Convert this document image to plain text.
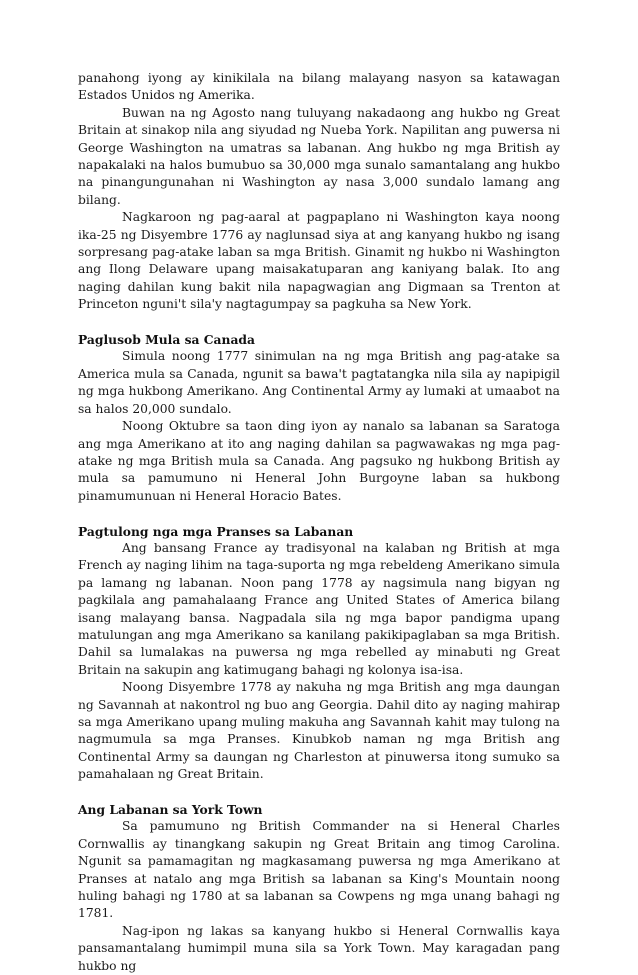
panahong iyong ay kinikilala na bilang malayang nasyon sa katawagan Estados Unidos ng Amerika.

Buwan na ng Agosto nang tuluyang nakadaong ang hukbo ng Great Britain at sinakop nila ang siyudad ng Nueba York. Napilitan ang puwersa ni George Washington na umatras sa labanan. Ang hukbo ng mga British ay napakalaki na halos bumubuo sa 30,000 mga sunalo samantalang ang hukbo na pinangungunahan ni Washington ay nasa 3,000 sundalo lamang ang bilang.

Nagkaroon ng pag-aaral at pagpaplano ni Washington kaya noong ika-25 ng Disyembre 1776 ay naglunsad siya at ang kanyang hukbo ng isang sorpresang pag-atake laban sa mga British. Ginamit ng hukbo ni Washington ang Ilong Delaware upang maisakatuparan ang kaniyang balak. Ito ang naging dahilan kung bakit nila napagwagian ang Digmaan sa Trenton at Princeton nguni't sila'y nagtagumpay sa pagkuha sa New York.

Paglusob Mula sa Canada

Simula noong 1777 sinimulan na ng mga British ang pag-atake sa America mula sa Canada, ngunit sa bawa't pagtatangka nila sila ay napipigil ng mga hukbong Amerikano. Ang Continental Army ay lumaki at umaabot na sa halos 20,000 sundalo.

Noong Oktubre sa taon ding iyon ay nanalo sa labanan sa Saratoga ang mga Amerikano at ito ang naging dahilan sa pagwawakas ng mga pag-atake ng mga British mula sa Canada. Ang pagsuko ng hukbong British ay mula sa pamumuno ni Heneral John Burgoyne laban sa hukbong pinamumunuan ni Heneral Horacio Bates.

Pagtulong nga mga Pranses sa Labanan

Ang bansang France ay tradisyonal na kalaban ng British at mga French ay naging lihim na taga-suporta ng mga rebeldeng Amerikano simula pa lamang ng labanan. Noon pang 1778 ay nagsimula nang bigyan ng pagkilala ang pamahalaang France ang United States of America bilang isang malayang bansa. Nagpadala sila ng mga bapor pandigma upang matulungan ang mga Amerikano sa kanilang pakikipaglaban sa mga British. Dahil sa lumalakas na puwersa ng mga rebelled ay minabuti ng Great Britain na sakupin ang katimugang bahagi ng kolonya isa-isa.

Noong Disyembre 1778 ay nakuha ng mga British ang mga daungan ng Savannah at nakontrol ng buo ang Georgia. Dahil dito ay naging mahirap sa mga Amerikano upang muling makuha ang Savannah kahit may tulong na nagmumula sa mga Pranses. Kinubkob naman ng mga British ang Continental Army sa daungan ng Charleston at pinuwersa itong sumuko sa pamahalaan ng Great Britain.

Ang Labanan sa York Town

Sa pamumuno ng British Commander na si Heneral Charles Cornwallis ay tinangkang sakupin ng Great Britain ang timog Carolina. Ngunit sa pamamagitan ng magkasamang puwersa ng mga Amerikano at Pranses at natalo ang mga British sa labanan sa King's Mountain noong huling bahagi ng 1780 at sa labanan sa Cowpens ng mga unang bahagi ng 1781.

Nag-ipon ng lakas sa kanyang hukbo si Heneral Cornwallis kaya pansamantalang humimpil muna sila sa York Town. May karagadan pang hukbo ng
